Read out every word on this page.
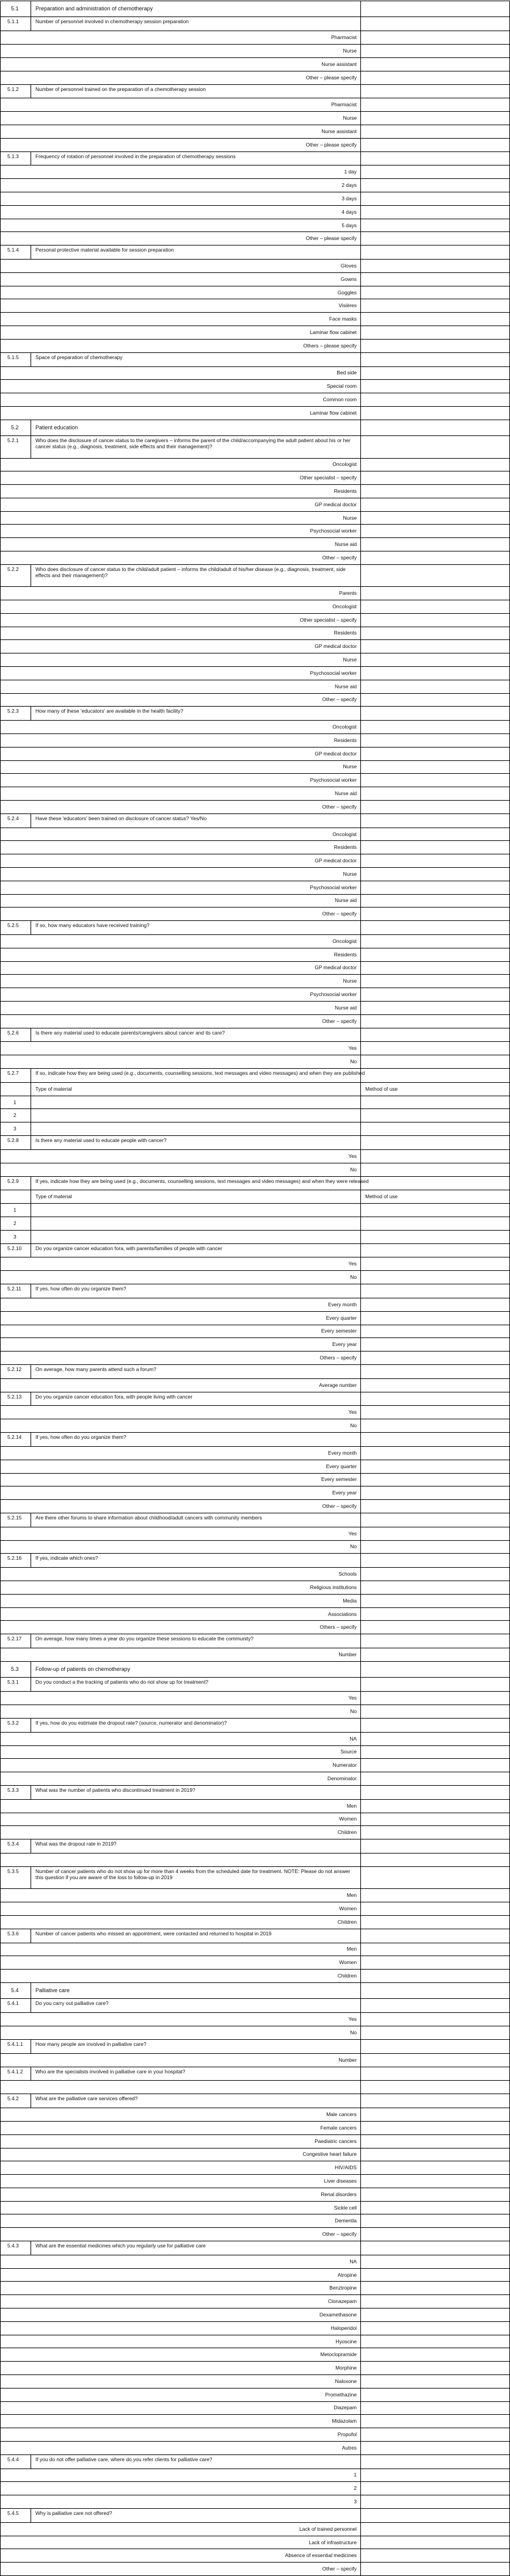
5.1	Preparation and administration of chemotherapy
5.1.1	Number of personnel involved in chemotherapy session preparation
Pharmacist
Nurse
Nurse assistant
Other – please specify
5.1.2	Number of personnel trained on the preparation of a chemotherapy session
Pharmacist
Nurse
Nurse assistant
Other – please specify
5.1.3	Frequency of rotation of personnel involved in the preparation of chemotherapy sessions
1 day
2 days
3 days
4 days
5 days
Other – please specify
5.1.4	Personal protective material available for session preparation
Gloves
Gowns
Goggles
Visières
Face masks
Laminar flow cabinet
Others – please specify
5.1.5	Space of preparation of chemotherapy
Bed side
Special room
Common room
Laminar flow cabinet
5.2	Patient education
5.2.1	Who does the disclosure of cancer status to the caregivers – informs the parent of the child/accompanying the adult patient about his or her cancer status (e.g., diagnosis, treatment, side effects and their management)?
Oncologist
Other specialist – specify
Residents
GP medical doctor
Nurse
Psychosocial worker
Nurse aid
Other – specify
5.2.2	Who does disclosure of cancer status to the child/adult patient – informs the child/adult of his/her disease (e.g., diagnosis, treatment, side effects and their management)?
Parents
Oncologist
Other specialist – specify
Residents
GP medical doctor
Nurse
Psychosocial worker
Nurse aid
Other – specify
5.2.3	How many of these 'educators' are available in the health facility?
Oncologist
Residents
GP medical doctor
Nurse
Psychosocial worker
Nurse aid
Other – specify
5.2.4	Have these 'educators' been trained on disclosure of cancer status? Yes/No
Oncologist
Residents
GP medical doctor
Nurse
Psychosocial worker
Nurse aid
Other – specify
5.2.5	If so, how many educators have received training?
Oncologist
Residents
GP medical doctor
Nurse
Psychosocial worker
Nurse aid
Other – specify
5.2.6	Is there any material used to educate parents/caregivers about cancer and its care?
Yes
No
5.2.7	If so, indicate how they are being used (e.g., documents, counselling sessions, text messages and video messages) and when they are published
Type of material	Method of use
1
2
3
5.2.8	Is there any material used to educate people with cancer?
Yes
No
5.2.9	If yes, indicate how they are being used (e.g., documents, counselling sessions, text messages and video messages) and when they were released
Type of material	Method of use
1
2
3
5.2.10	Do you organize cancer education fora, with parents/families of people with cancer
Yes
No
5.2.11	If yes, how often do you organize them?
Every month
Every quarter
Every semester
Every year
Others – specify
5.2.12	On average, how many parents attend such a forum?
Average number
5.2.13	Do you organize cancer education fora, with people living with cancer
Yes
No
5.2.14	If yes, how often do you organize them?
Every month
Every quarter
Every semester
Every year
Other – specify
5.2.15	Are there other forums to share information about childhood/adult cancers with community members
Yes
No
5.2.16	If yes, indicate which ones?
Schools
Religious institutions
Media
Associations
Others – specify
5.2.17	On average, how many times a year do you organize these sessions to educate the community?
Number
5.3	Follow-up of patients on chemotherapy
5.3.1	Do you conduct a the tracking of patients who do not show up for treatment?
Yes
No
5.3.2	If yes, how do you estimate the dropout rate? (source, numerator and denominator)?
NA
Source
Numerator
Denominator
5.3.3	What was the number of patients who discontinued treatment in 2019?
Men
Women
Children
5.3.4	What was the dropout rate in 2019?
5.3.5	Number of cancer patients who do not show up for more than 4 weeks from the scheduled date for treatment. NOTE: Please do not answer this question if you are aware of the loss to follow-up in 2019
Men
Women
Children
5.3.6	Number of cancer patients who missed an appointment, were contacted and returned to hospital in 2019
Men
Women
Children
5.4	Palliative care
5.4.1	Do you carry out palliative care?
Yes
No
5.4.1.1 How many people are involved in palliative care?
Number
5.4.1.2 Who are the specialists involved in palliative care in your hospital?
5.4.2	What are the palliative care services offered?
Male cancers
Female cancers
Paediatric cancers
Congestive heart failure
HIV/AIDS
Liver diseases
Renal disorders
Sickle cell
Dementia
Other – specify
5.4.3	What are the essential medicines which you regularly use for palliative care
NA
Atropine
Benztropine
Clonazepam
Dexamethasone
Haloperidol
Hyoscine
Metoclopramide
Morphine
Naloxone
Promethazine
Diazepam
Midazolam
Propofol
Autres
5.4.4	If you do not offer palliative care, where do you refer clients for palliative care?
1
2
3
5.4.5	Why is palliative care not offered?
Lack of trained personnel
Lack of infrastructure
Absence of essential medicines
Other – specify
